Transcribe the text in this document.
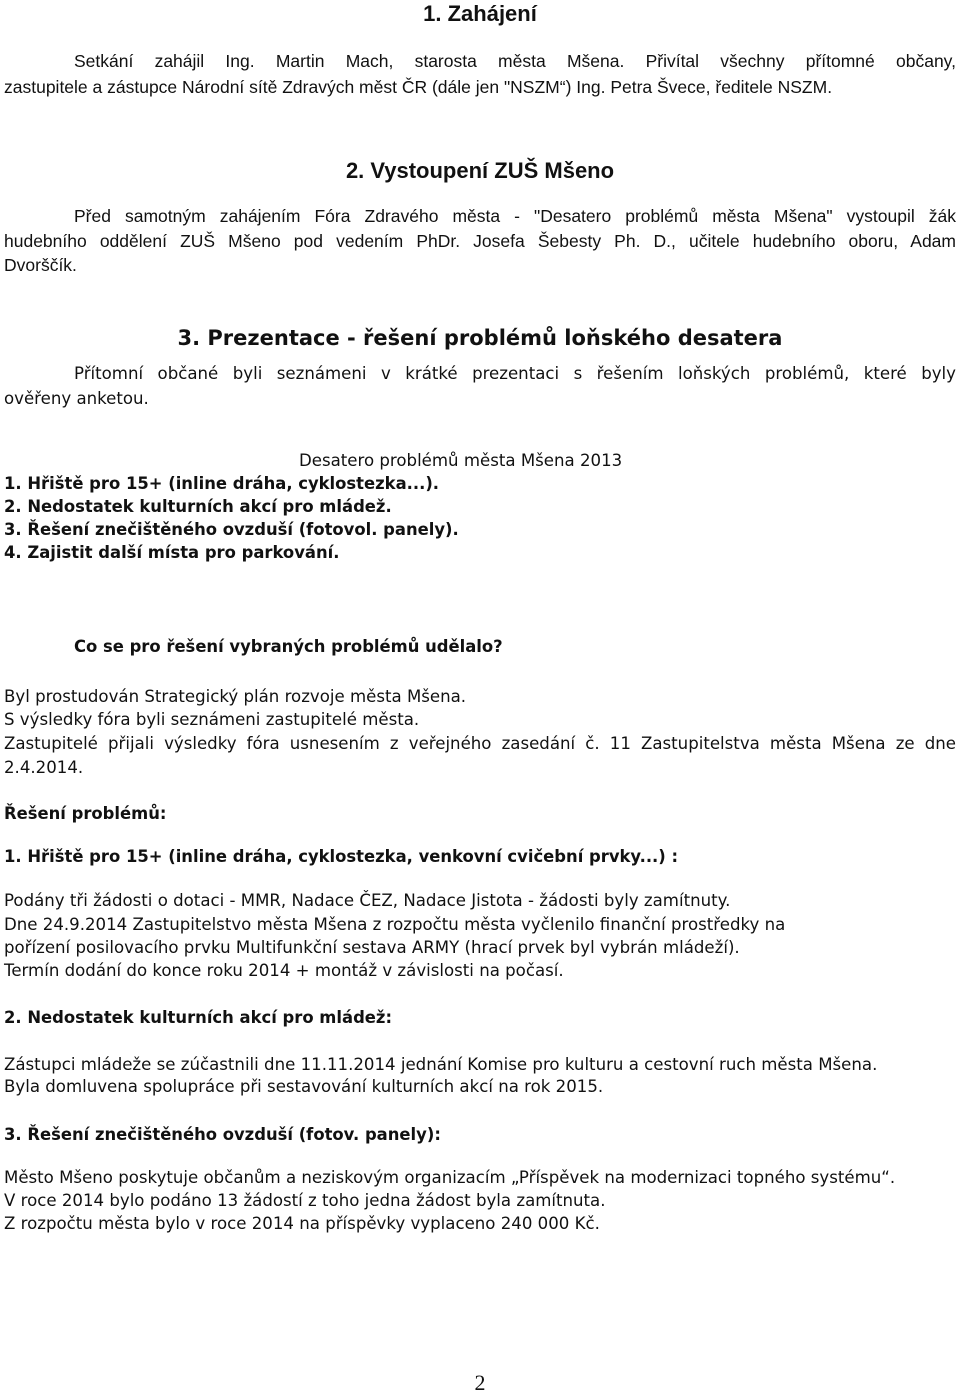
1. Zahájení
Setkání zahájil Ing. Martin Mach, starosta města Mšena. Přivítal všechny přítomné občany,
zastupitele a zástupce Národní sítě Zdravých měst ČR (dále jen "NSZM“) Ing. Petra Švece, ředitele NSZM.
2. Vystoupení ZUŠ Mšeno
Před samotným zahájením Fóra Zdravého města - "Desatero problémů města Mšena" vystoupil žák
hudebního oddělení ZUŠ Mšeno pod vedením PhDr. Josefa Šebesty Ph. D., učitele hudebního oboru, Adam
Dvorščík.
3. Prezentace - řešení problémů loňského desatera
Přítomní občané byli seznámeni v krátké prezentaci s řešením loňských problémů, které byly
ověřeny anketou.
Desatero problémů města Mšena 2013
1. Hřiště pro 15+ (inline dráha, cyklostezka...).
2. Nedostatek kulturních akcí pro mládež.
3. Řešení znečištěného ovzduší (fotovol. panely).
4. Zajistit další místa pro parkování.
Co se pro řešení vybraných problémů udělalo?
Byl prostudován Strategický plán rozvoje města Mšena.
S výsledky fóra byli seznámeni zastupitelé města.
Zastupitelé přijali výsledky fóra usnesením z veřejného zasedání č. 11 Zastupitelstva města Mšena ze dne
2.4.2014.
Řešení problémů:
1. Hřiště pro 15+ (inline dráha, cyklostezka, venkovní cvičební prvky...) :
Podány tři žádosti o dotaci - MMR, Nadace ČEZ, Nadace Jistota - žádosti byly zamítnuty.
Dne 24.9.2014 Zastupitelstvo města Mšena z rozpočtu města vyčlenilo finanční prostředky na
pořízení posilovacího prvku Multifunkční sestava ARMY (hrací prvek byl vybrán mládeží).
Termín dodání do konce roku 2014 + montáž v závislosti na počasí.
2. Nedostatek kulturních akcí pro mládež:
Zástupci mládeže se zúčastnili dne 11.11.2014 jednání Komise pro kulturu a cestovní ruch města Mšena.
Byla domluvena spolupráce při sestavování kulturních akcí na rok 2015.
3. Řešení znečištěného ovzduší (fotov. panely):
Město Mšeno poskytuje občanům a neziskovým organizacím „Příspěvek na modernizaci topného systému“.
V roce 2014 bylo podáno 13 žádostí z toho jedna žádost byla zamítnuta.
Z rozpočtu města bylo v roce 2014 na příspěvky vyplaceno 240 000 Kč.
2
